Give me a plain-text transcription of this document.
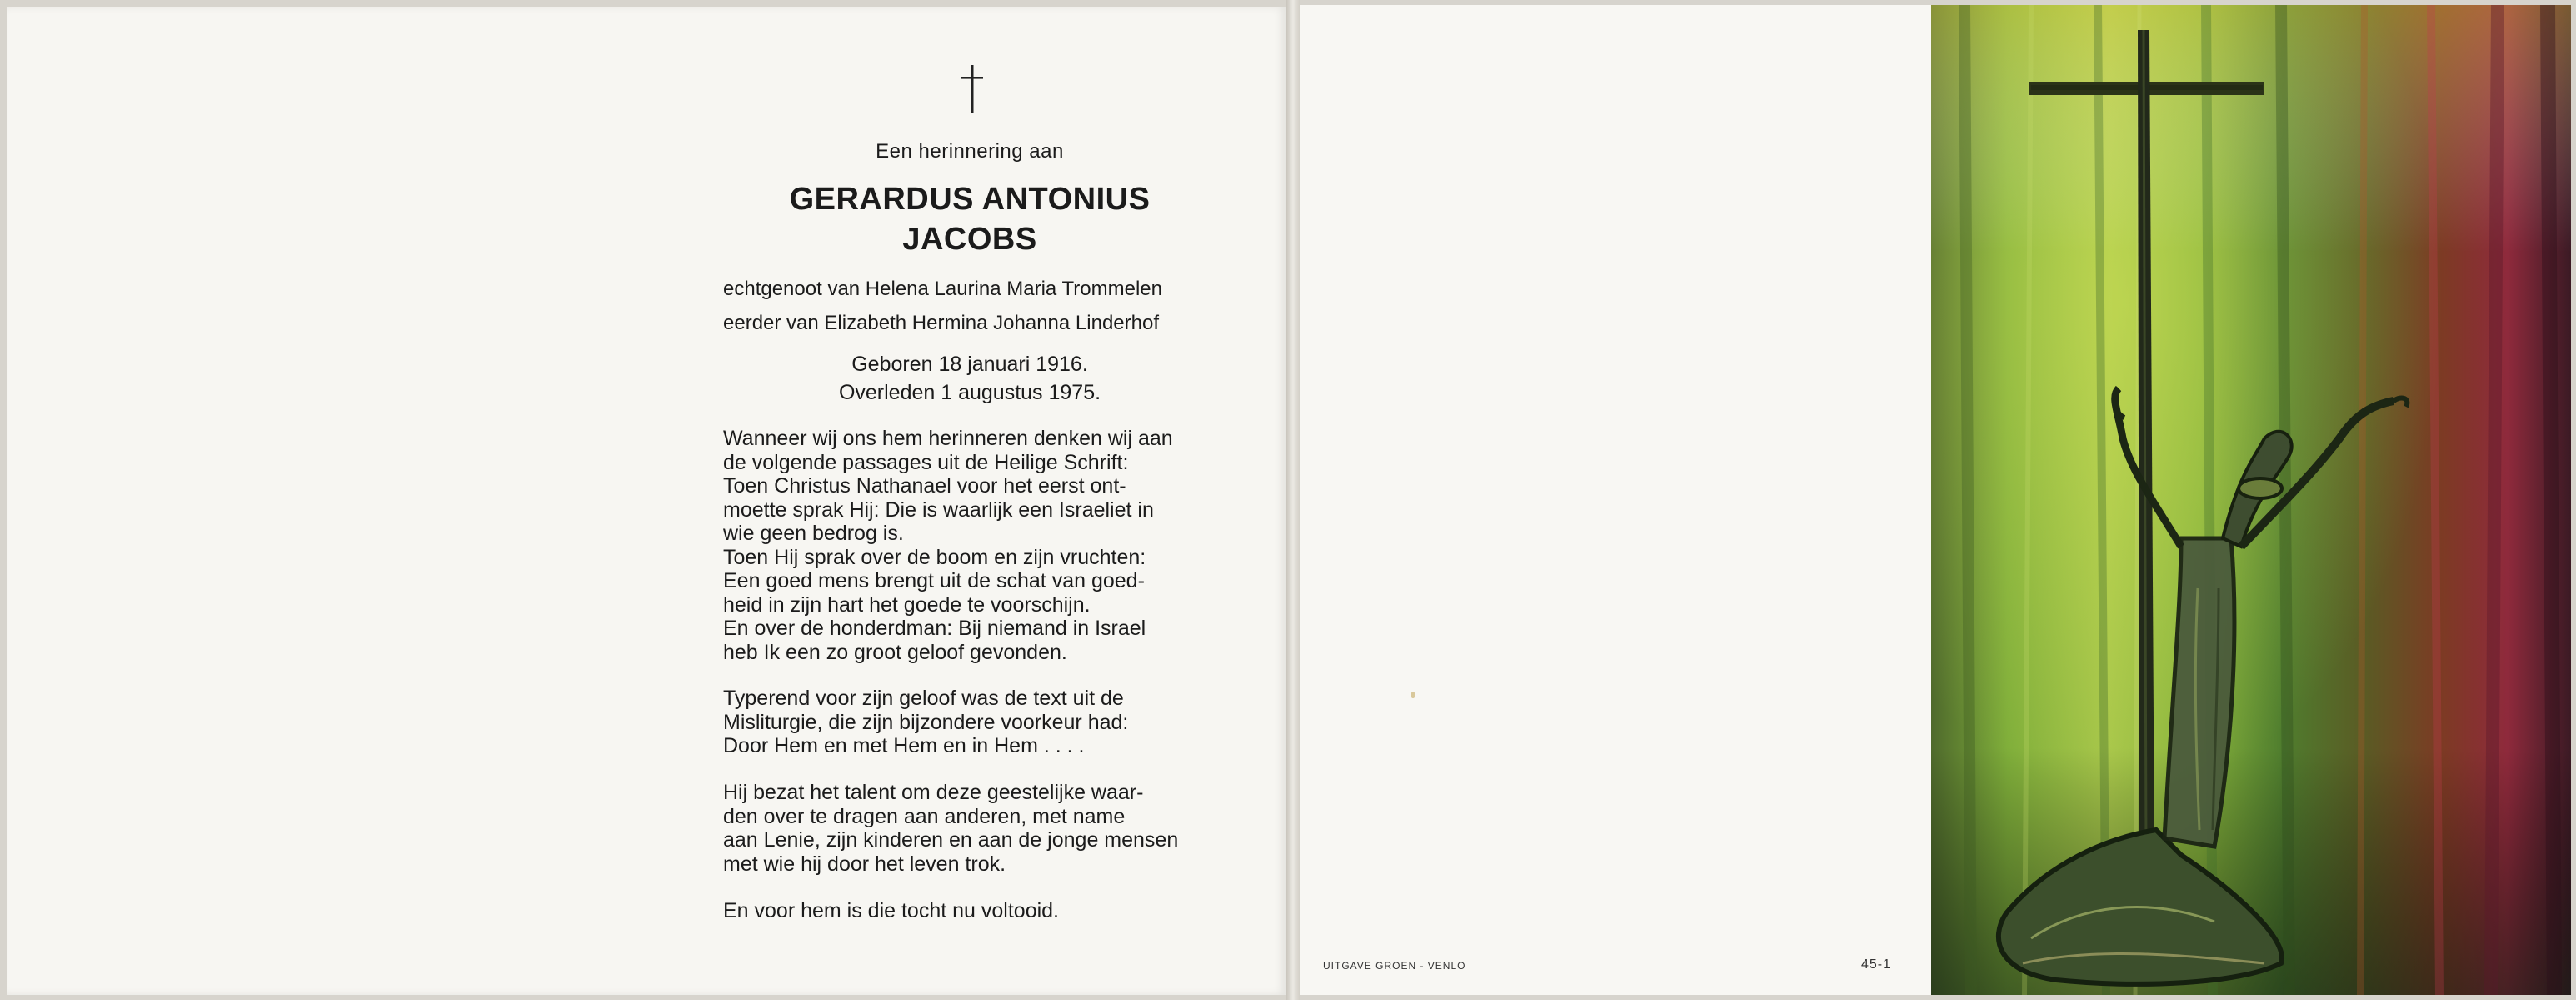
Een herinnering aan
GERARDUS ANTONIUS
JACOBS
echtgenoot van Helena Laurina Maria Trommelen
eerder van Elizabeth Hermina Johanna Linderhof
Geboren 18 januari 1916.
Overleden 1 augustus 1975.
Wanneer wij ons hem herinneren denken wij aan
de volgende passages uit de Heilige Schrift:
Toen Christus Nathanael voor het eerst ont-
moette sprak Hij: Die is waarlijk een Israeliet in
wie geen bedrog is.
Toen Hij sprak over de boom en zijn vruchten:
Een goed mens brengt uit de schat van goed-
heid in zijn hart het goede te voorschijn.
En over de honderdman: Bij niemand in Israel
heb Ik een zo groot geloof gevonden.
Typerend voor zijn geloof was de text uit de
Misliturgie, die zijn bijzondere voorkeur had:
Door Hem en met Hem en in Hem . . . .
Hij bezat het talent om deze geestelijke waar-
den over te dragen aan anderen, met name
aan Lenie, zijn kinderen en aan de jonge mensen
met wie hij door het leven trok.
En voor hem is die tocht nu voltooid.
UITGAVE GROEN - VENLO	45-1
